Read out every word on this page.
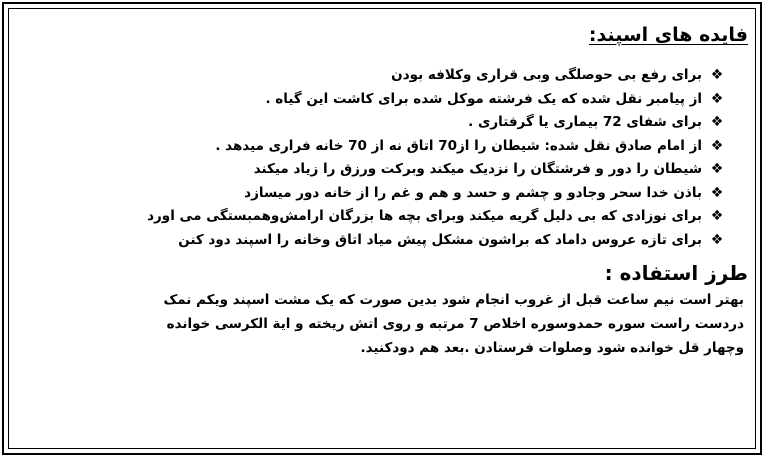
فایده های اسپند:
❖
برای رفع بی حوصلگی وبی قراری وکلافه بودن
❖
از پیامبر نقل شده که یک فرشته موکل شده برای کاشت این گیاه .
❖
برای شفای 72 بیماری یا گرفتاری .
❖
از امام صادق نقل شده: شیطان را از70 اتاق نه از 70 خانه فراری میدهد .
❖
شیطان را دور و فرشتگان را نزدیک میکند وبرکت ورزق را زیاد میکند
❖
باذن خدا سحر وجادو و چشم و حسد و هم و غم را از خانه دور میسازد
❖
برای نوزادی که بی دلیل گریه میکند وبرای بچه ها بزرگان ارامش‌وهمبستگی می اورد
❖
برای تازه عروس داماد که براشون مشکل پیش میاد اتاق وخانه را اسپند دود کنن
طرز استفاده :
بهتر است نیم ساعت قبل از غروب انجام شود بدین صورت که یک مشت اسپند ویکم نمک
دردست راست سوره حمدوسوره اخلاص 7 مرتبه و روی اتش ریخته و ایة الکرسی خوانده
وچهار قل خوانده شود وصلوات فرستادن .بعد هم دودکنید.
